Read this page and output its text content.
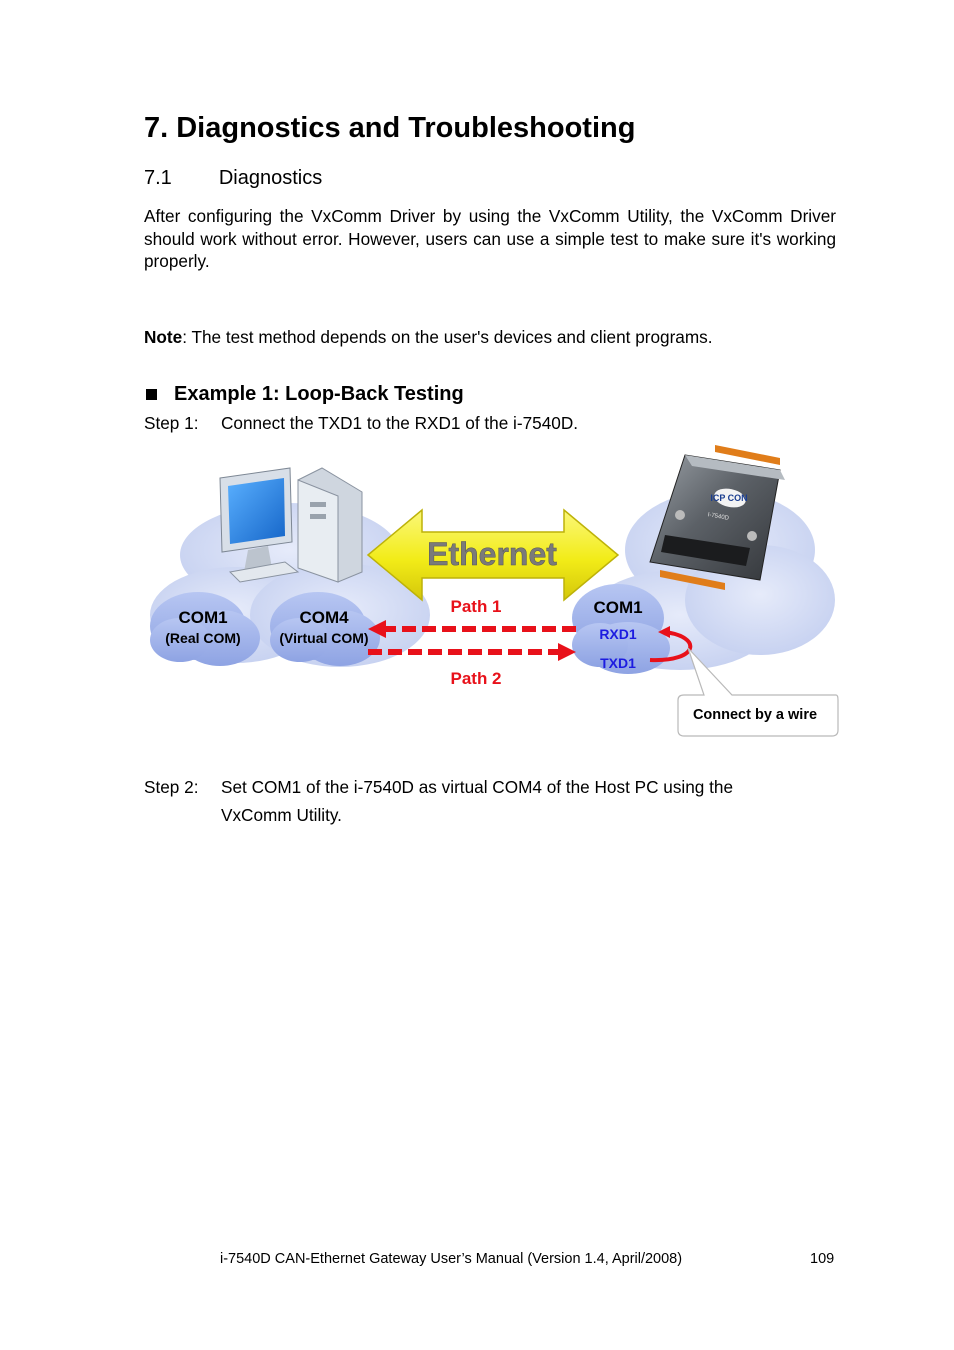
7. Diagnostics and Troubleshooting
7.1 Diagnostics
After configuring the VxComm Driver by using the VxComm Utility, the VxComm Driver should work without error. However, users can use a simple test to make sure it's working properly.
Note: The test method depends on the user's devices and client programs.
Example 1: Loop-Back Testing
Step 1: Connect the TXD1 to the RXD1 of the i-7540D.
Ethernet
ICP CON
I-7540D
COM1
(Real COM)
COM4
(Virtual COM)
COM1
RXD1
TXD1
Path 1
Path 2
Connect by a wire
Step 2: Set COM1 of the i-7540D as virtual COM4 of the Host PC using the
VxComm Utility.
i-7540D CAN-Ethernet Gateway User’s Manual (Version 1.4, April/2008)	109
